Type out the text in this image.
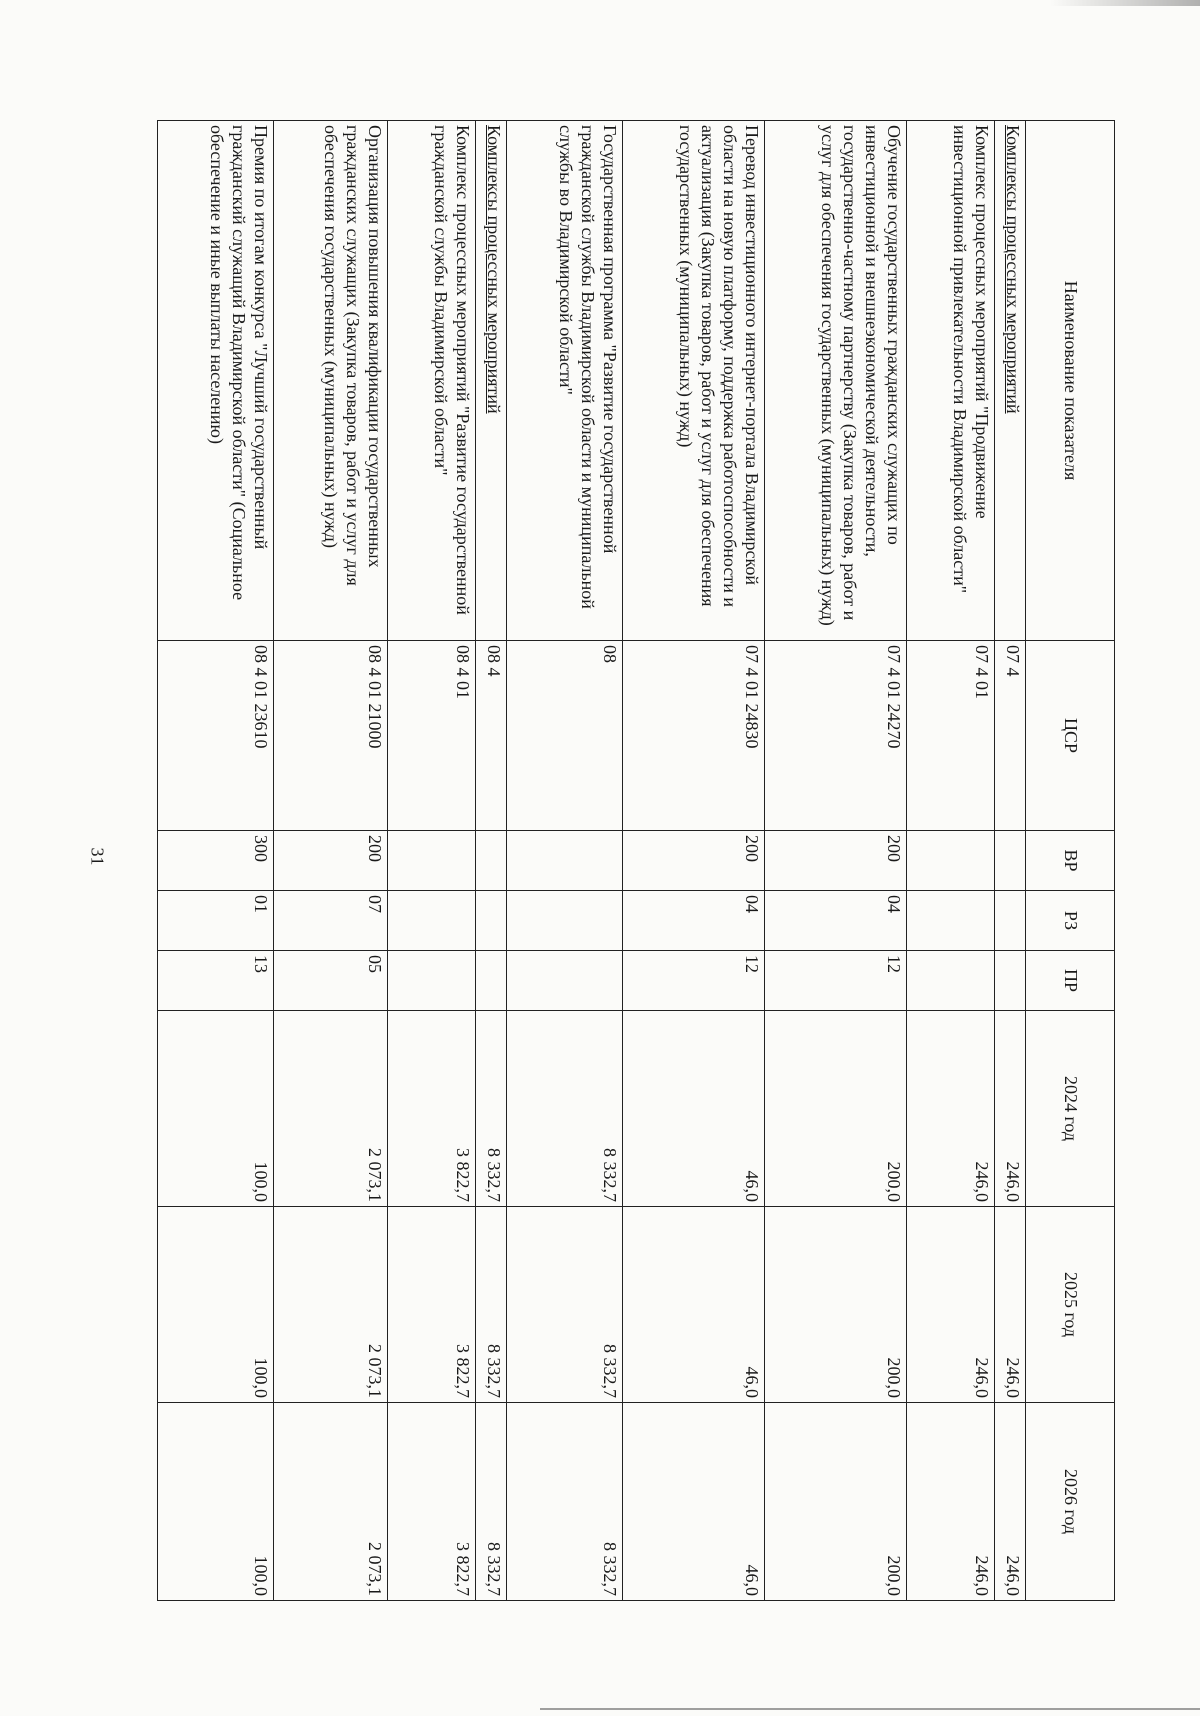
31
Наименование показателя	ЦСР	ВР	РЗ	ПР	2024 год	2025 год	2026 год
Комплексы процессных мероприятий	07 4				246,0	246,0	246,0
Комплекс процессных мероприятий "Продвижение инвестиционной привлекательности Владимирской области"	07 4 01				246,0	246,0	246,0
Обучение государственных гражданских служащих по инвестиционной и внешнеэкономической деятельности, государственно-частному партнерству (Закупка товаров, работ и услуг для обеспечения государственных (муниципальных) нужд)	07 4 01 24270	200	04	12	200,0	200,0	200,0
Перевод инвестиционного интернет-портала Владимирской области на новую платформу, поддержка работоспособности и актуализация (Закупка товаров, работ и услуг для обеспечения государственных (муниципальных) нужд)	07 4 01 24830	200	04	12	46,0	46,0	46,0
Государственная программа "Развитие государственной гражданской службы Владимирской области и муниципальной службы во Владимирской области"	08				8 332,7	8 332,7	8 332,7
Комплексы процессных мероприятий	08 4				8 332,7	8 332,7	8 332,7
Комплекс процессных мероприятий "Развитие государственной гражданской службы Владимирской области"	08 4 01				3 822,7	3 822,7	3 822,7
Организация повышения квалификации государственных гражданских служащих (Закупка товаров, работ и услуг для обеспечения государственных (муниципальных) нужд)	08 4 01 21000	200	07	05	2 073,1	2 073,1	2 073,1
Премия по итогам конкурса "Лучший государственный гражданский служащий Владимирской области" (Социальное обеспечение и иные выплаты населению)	08 4 01 23610	300	01	13	100,0	100,0	100,0
